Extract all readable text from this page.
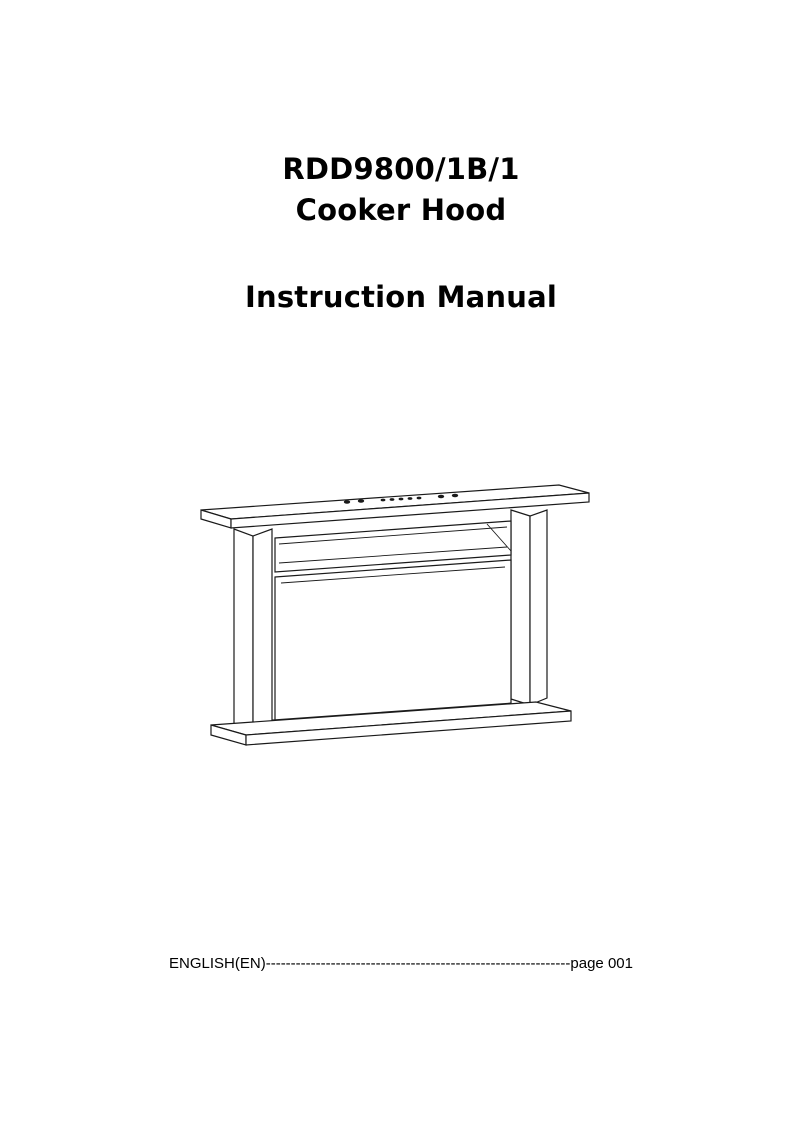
RDD9800/1B/1
Cooker Hood
Instruction Manual
ENGLISH(EN)-------------------------------------------------------------page 001
